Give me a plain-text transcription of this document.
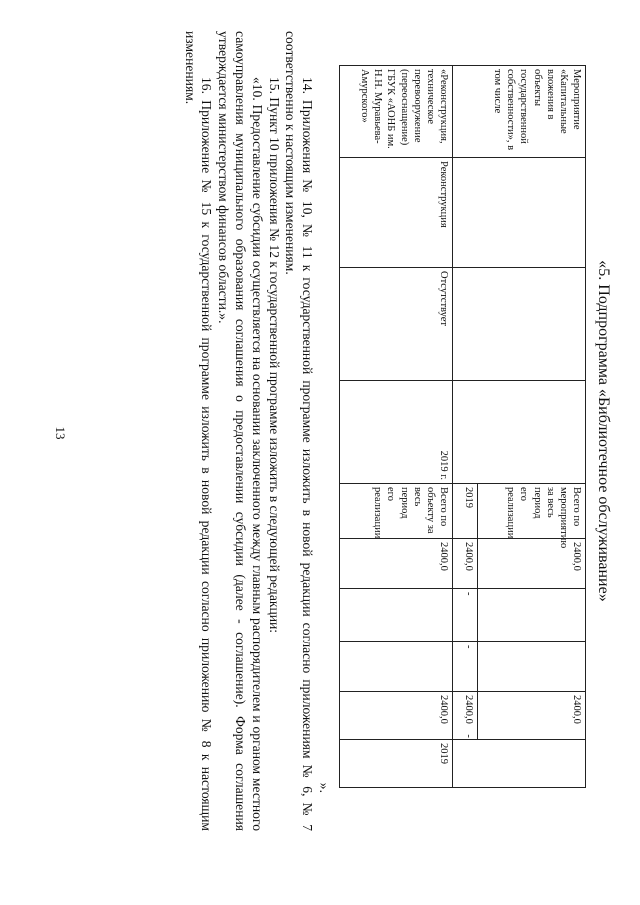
13	«5. Подпрограмма «Библиотечное обслуживание»
Мероприятие «Капитальные вложения в объекты государственной собственности», в том числе				Всего по мероприятию за весь период его реализации	2400,0			2400,0	
				2019	2400,0	-	-	2400,0    -	
«Реконструкция, техническое перевооружение (переоснащение) ГБУК «АОНБ им. Н.Н. Муравьева-Амурского»	Реконструкция	Отсутствует	2019 г.	Всего по объекту за весь период его реализации	2400,0			2400,0	2019

».

14. Приложения № 10, № 11 к государственной программе изложить в новой редакции согласно приложениям № 6, № 7 соответственно к настоящим изменениям.

15. Пункт 10 приложения № 12 к государственной программе изложить в следующей редакции:

«10. Предоставление субсидии осуществляется на основании заключенного между главным распорядителем и органом местного самоуправления муниципального образования соглашения о предоставлении субсидии (далее - соглашение). Форма соглашения утверждается министерством финансов области.».

16. Приложение № 15 к государственной программе изложить в новой редакции согласно приложению № 8 к настоящим изменениям.
